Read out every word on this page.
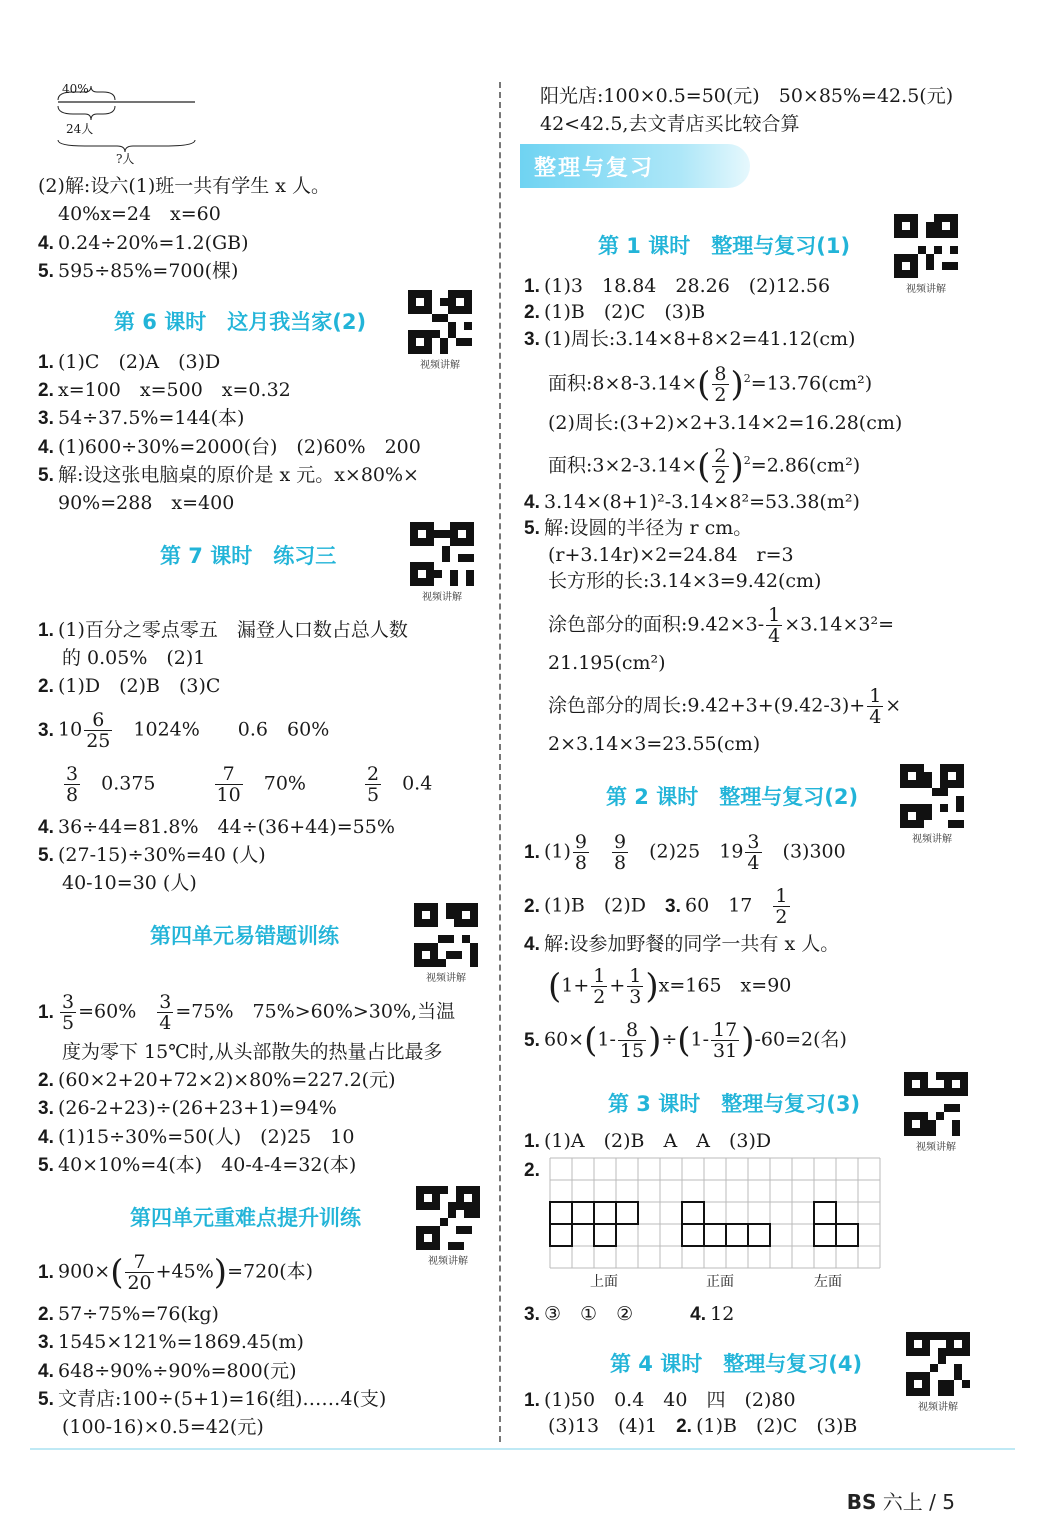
40%
24人
?人
(2)解:设六(1)班一共有学生 x 人。
40%x=24　x=60
4. 0.24÷20%=1.2(GB)
5. 595÷85%=700(棵)
第 6 课时　这月我当家(2)
视频讲解
1. (1)C　(2)A　(3)D
2. x=100　x=500　x=0.32
3. 54÷37.5%=144(本)
4. (1)600÷30%=2000(台)　(2)60%　200
5. 解:设这张电脑桌的原价是 x 元。x×80%×
90%=288　x=400
第 7 课时　练习三
视频讲解
1. (1)百分之零点零五　漏登人口数占总人数
的 0.05%　(2)1
2. (1)D　(2)B　(3)C
3. $10 \frac{6}{25}$
　 1024%　　0.6　60%
$\frac{3}{8}$
　 0.375　　　	$\frac{7}{10}$
　 70%　　　	$\frac{2}{5}$
　 0.4
4. 36÷44=81.8%　44÷(36+44)=55%
5. (27-15)÷30%=40 (人)
40-10=30 (人)
第四单元易错题训练
视频讲解
1. $\frac{3}{5} =60\%$　 $\frac{3}{4} =75\%$　75%>60%>30%,当温
度为零下 15℃时,从头部散失的热量占比最多
2. (60×2+20+72×2)×80%=227.2(元)
3. (26-2+23)÷(26+23+1)=94%
4. (1)15÷30%=50(人)　(2)25　10
5. 40×10%=4(本)　40-4-4=32(本)
第四单元重难点提升训练
视频讲解
1. $900\times( \frac{7}{20} +45\%)=720$(本)
2. 57÷75%=76(kg)
3. 1545×121%=1869.45(m)
4. 648÷90%÷90%=800(元)
5. 文青店:100÷(5+1)=16(组)……4(支)
(100-16)×0.5=42(元)
阳光店:100×0.5=50(元)　50×85%=42.5(元)
42<42.5,去文青店买比较合算
整理与复习
第 1 课时　整理与复习(1)
视频讲解
1. (1)3　18.84　28.26　(2)12.56
2. (1)B　(2)C　(3)B
3. (1)周长:3.14×8+8×2=41.12(cm)
面积:8×8-3.14×( $\frac{8}{2} )^2=13.76(cm^2)$
(2)周长:(3+2)×2+3.14×2=16.28(cm)
面积:3×2-3.14×( $\frac{2}{2} )^2=2.86(cm^2)$
4. 3.14×(8+1)²-3.14×8²=53.38(m²)
5. 解:设圆的半径为 r cm。
(r+3.14r)×2=24.84　r=3
长方形的长:3.14×3=9.42(cm)
涂色部分的面积:9.42×3- $\frac{1}{4} \times 3.14\times 3^2=$
21.195(cm²)
涂色部分的周长:9.42+3+(9.42-3)+ $\frac{1}{4}$ ×
2×3.14×3=23.55(cm)
第 2 课时　整理与复习(2)
视频讲解
1. $(1) \frac{9}{8}$
　 $\frac{9}{8}$
　 (2)25　$19 \frac{3}{4}$
　 (3)300
2. (1)B　(2)D　 3. 60　17　 $\frac{1}{2}$
4. 解:设参加野餐的同学一共有 x 人。
$(1+ \frac{1}{2} + \frac{1}{3} )x=165$　x=90
5. $60\times(1- \frac{8}{15} )\div(1- \frac{17}{31} )-60=2$(名)
第 3 课时　整理与复习(3)
视频讲解
1. (1)A　(2)B　A　A　(3)D
2.
上面	正面	左面
3. ③　①　②　　　	4. 12
第 4 课时　整理与复习(4)
视频讲解
1. (1)50　0.4　40　四　(2)80
(3)13　(4)1　 2. (1)B　(2)C　(3)B
BS 六上 / 5
